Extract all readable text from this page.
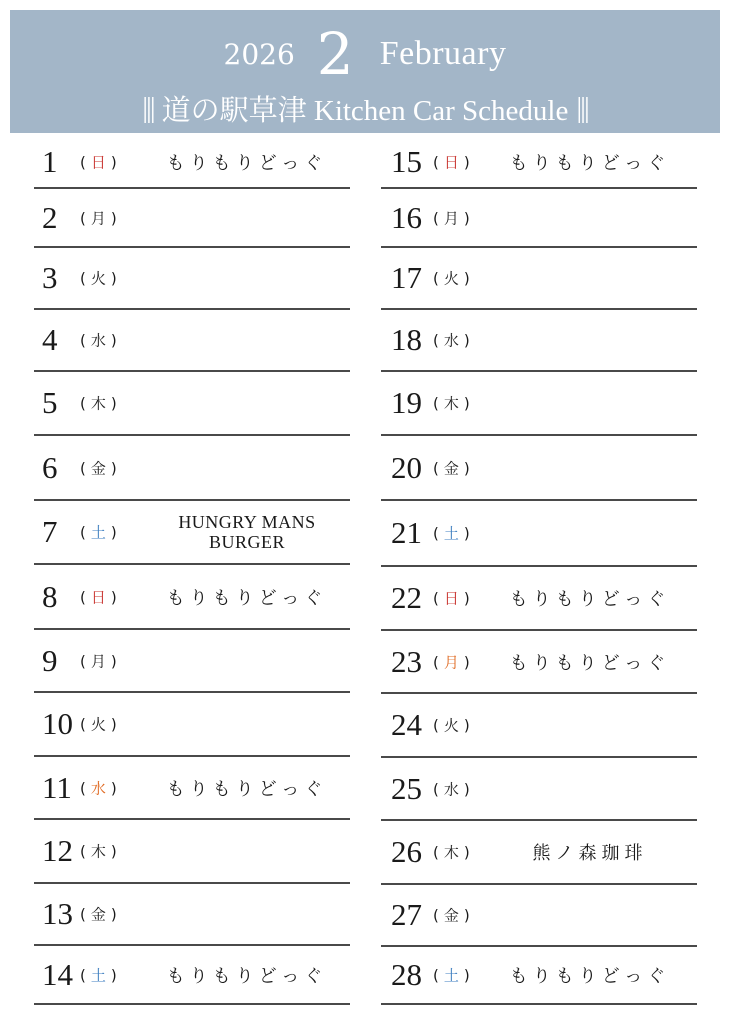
2026 2 February
||| 道の駅草津 Kitchen Car Schedule |||
1	( 日 )	もりもりどっぐ
2	( 月 )
3	( 火 )
4	( 水 )
5	( 木 )
6	( 金 )
7	( 土 )
HUNGRY MANS
BURGER
8	( 日 )	もりもりどっぐ
9	( 月 )
10 ( 火 )
11 ( 水 )	もりもりどっぐ
12 ( 木 )
13 ( 金 )
14 ( 土 )	もりもりどっぐ
15 ( 日 )	もりもりどっぐ
16 ( 月 )
17 ( 火 )
18 ( 水 )
19 ( 木 )
20 ( 金 )
21 ( 土 )
22 ( 日 )	もりもりどっぐ
23 ( 月 )	もりもりどっぐ
24 ( 火 )
25 ( 水 )
26 ( 木 )	熊ノ森珈琲
27 ( 金 )
28 ( 土 )	もりもりどっぐ
